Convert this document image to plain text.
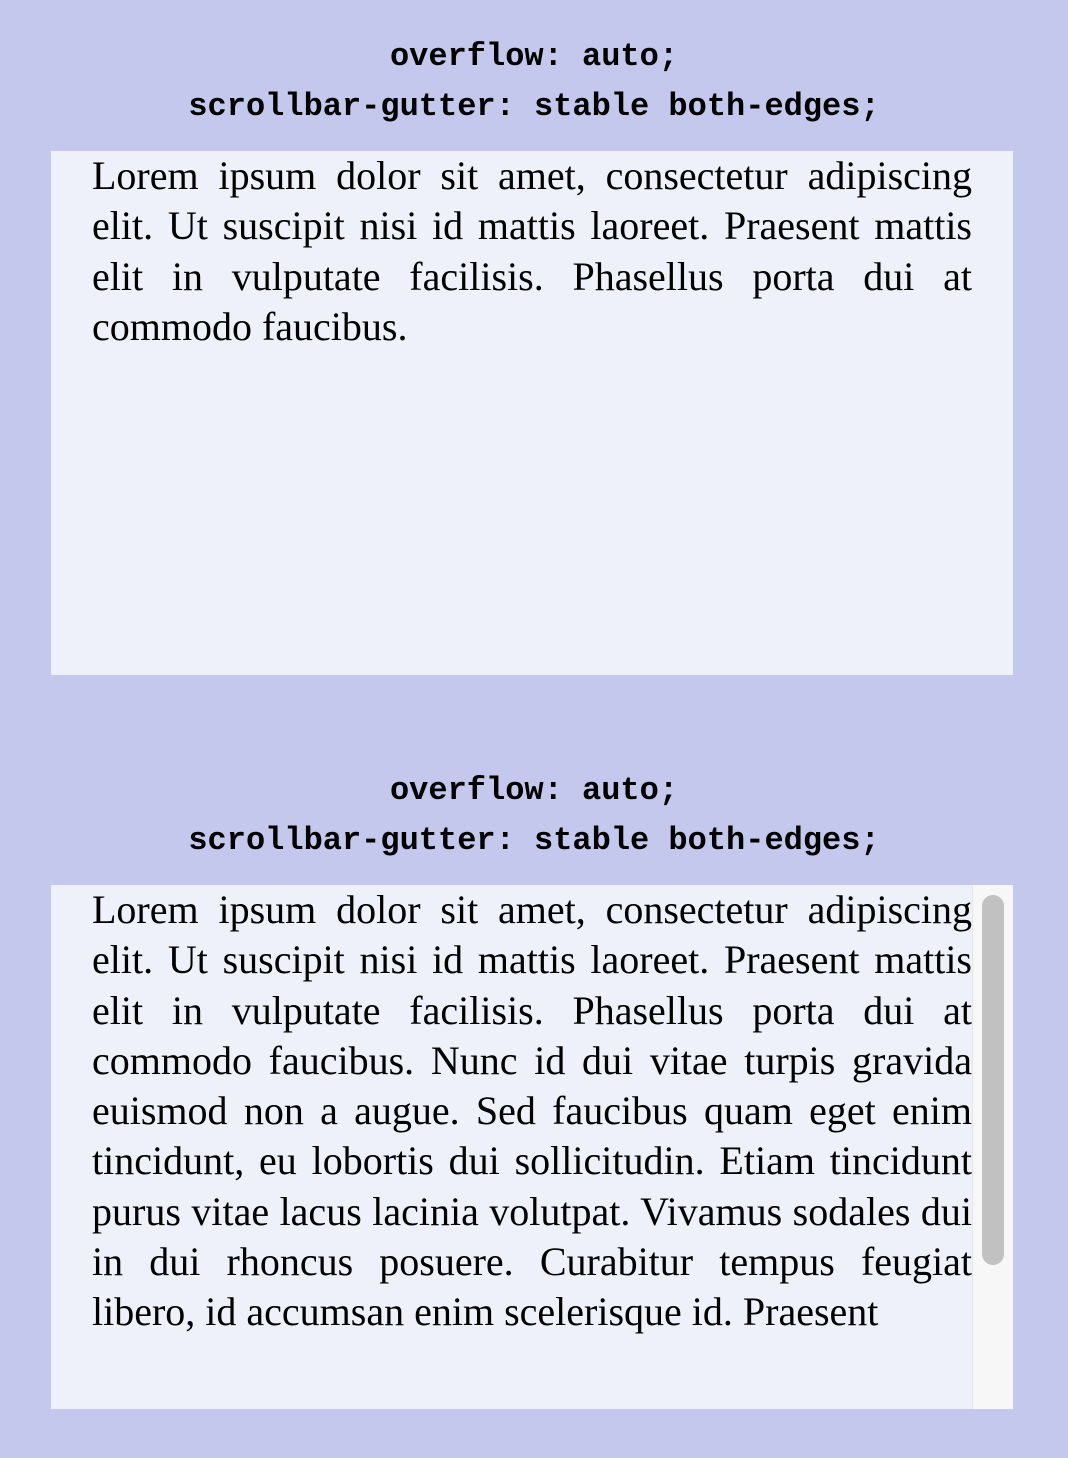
overflow: auto;
scrollbar-gutter: stable both-edges;

Lorem ipsum dolor sit amet, consectetur adipiscing elit. Ut suscipit nisi id mattis laoreet. Praesent mattis elit in vulputate facilisis. Phasellus porta dui at commodo faucibus.

overflow: auto;
scrollbar-gutter: stable both-edges;

Lorem ipsum dolor sit amet, consectetur adipiscing elit. Ut suscipit nisi id mattis laoreet. Praesent mattis elit in vulputate facilisis. Phasellus porta dui at commodo faucibus. Nunc id dui vitae turpis gravida euismod non a augue. Sed faucibus quam eget enim tincidunt, eu lobortis dui sollicitudin. Etiam tincidunt purus vitae lacus lacinia volutpat. Vivamus sodales dui in dui rhoncus posuere. Curabitur tempus feugiat libero, id accumsan enim scelerisque id. Praesent
